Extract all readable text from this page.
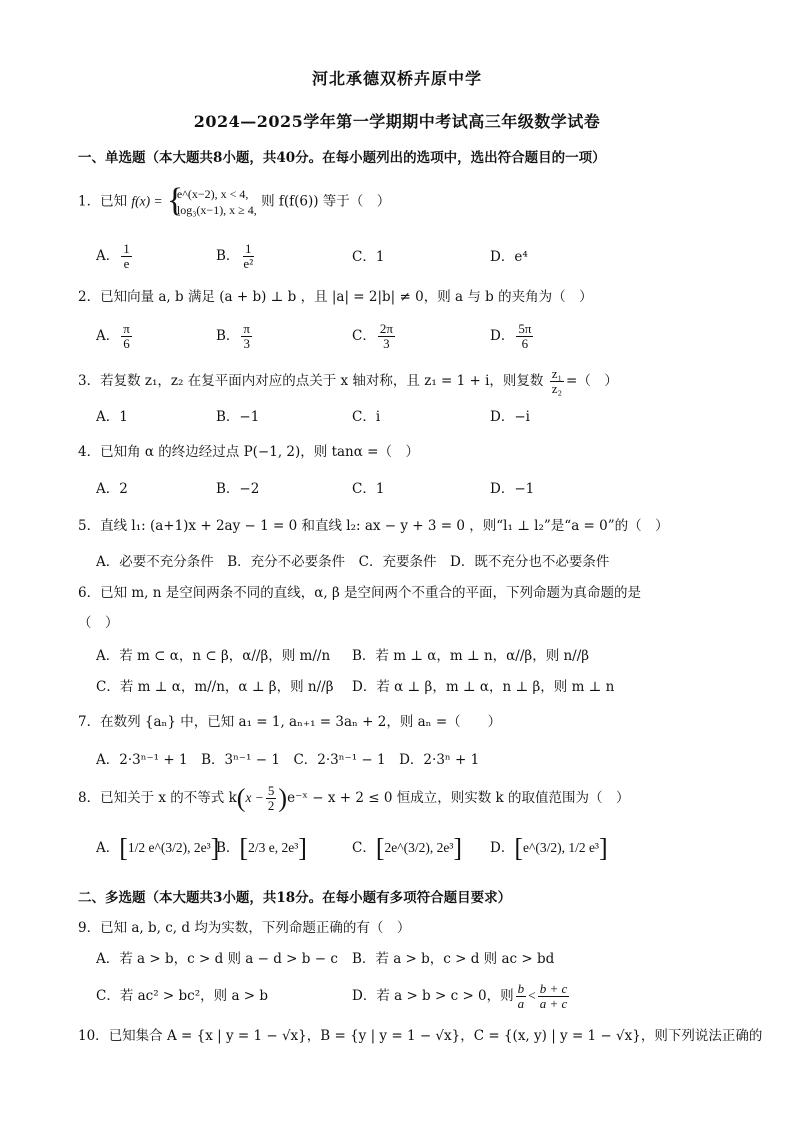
河北承德双桥卉原中学
2024—2025学年第一学期期中考试高三年级数学试卷
一、单选题（本大题共8小题，共40分。在每小题列出的选项中，选出符合题目的一项）
1．已知 f(x) = {
e^(x−2), x < 4,
log₃(x−1), x ≥ 4,
则 f(f(6)) 等于（　）
A． $\frac{1}{e}$	B． $\frac{1}{\text{e²}}$	C．1	D．e⁴
2．已知向量 a, b 满足 (a + b) ⊥ b ，且 |a| = 2|b| ≠ 0，则 a 与 b 的夹角为（　）
A． $\frac{\pi}{6}$	B． $\frac{\pi}{3}$	C． $\frac{2\pi}{3}$	D． $\frac{5\pi}{6}$
3．若复数 z₁，z₂ 在复平面内对应的点关于 x 轴对称，且 z₁ = 1 + i，则复数 $\frac{\text{z₁}}{\text{z₂}}$ =（　）
A．1	B．−1	C．i	D．−i
4．已知角 α 的终边经过点 P(−1, 2)，则 tanα =（　）
A．2	B．−2	C．1	D．−1
5．直线 l₁: (a+1)x + 2ay − 1 = 0 和直线 l₂: ax − y + 3 = 0 ，则“l₁ ⊥ l₂”是“a = 0”的（　）
A．必要不充分条件　B．充分不必要条件　C．充要条件　D．既不充分也不必要条件
6．已知 m, n 是空间两条不同的直线，α, β 是空间两个不重合的平面，下列命题为真命题的是
（　）
A．若 m ⊂ α，n ⊂ β，α//β，则 m//n B．若 m ⊥ α，m ⊥ n，α//β，则 n//β
C．若 m ⊥ α，m//n，α ⊥ β，则 n//β D．若 α ⊥ β，m ⊥ α，n ⊥ β，则 m ⊥ n
7．在数列 {aₙ} 中，已知 a₁ = 1, aₙ₊₁ = 3aₙ + 2，则 aₙ =（　　）
A．2·3ⁿ⁻¹ + 1　B．3ⁿ⁻¹ − 1　C．2·3ⁿ⁻¹ − 1　D．2·3ⁿ + 1
8．已知关于 x 的不等式 $k(x - \frac{5}{2}$ )e⁻ˣ − x + 2 ≤ 0 恒成立，则实数 k 的取值范围为（　）
A．[1/2 e^(3/2), 2e³]
B．[2/3 e, 2e³]	C．[2e^(3/2), 2e³] D．[e^(3/2), 1/2 e³]
二、多选题（本大题共3小题，共18分。在每小题有多项符合题目要求）
9．已知 a, b, c, d 均为实数，下列命题正确的有（　）
A．若 a > b，c > d 则 a − d > b − c B．若 a > b，c > d 则 ac > bd
C．若 ac² > bc²，则 a > b	D．若 a > b > c > 0，则 $\frac{b}{a} < \frac{b + c}{a + c}$
10．已知集合 A = {x | y = 1 − √x}，B = {y | y = 1 − √x}，C = {(x, y) | y = 1 − √x}，则下列说法正确的
